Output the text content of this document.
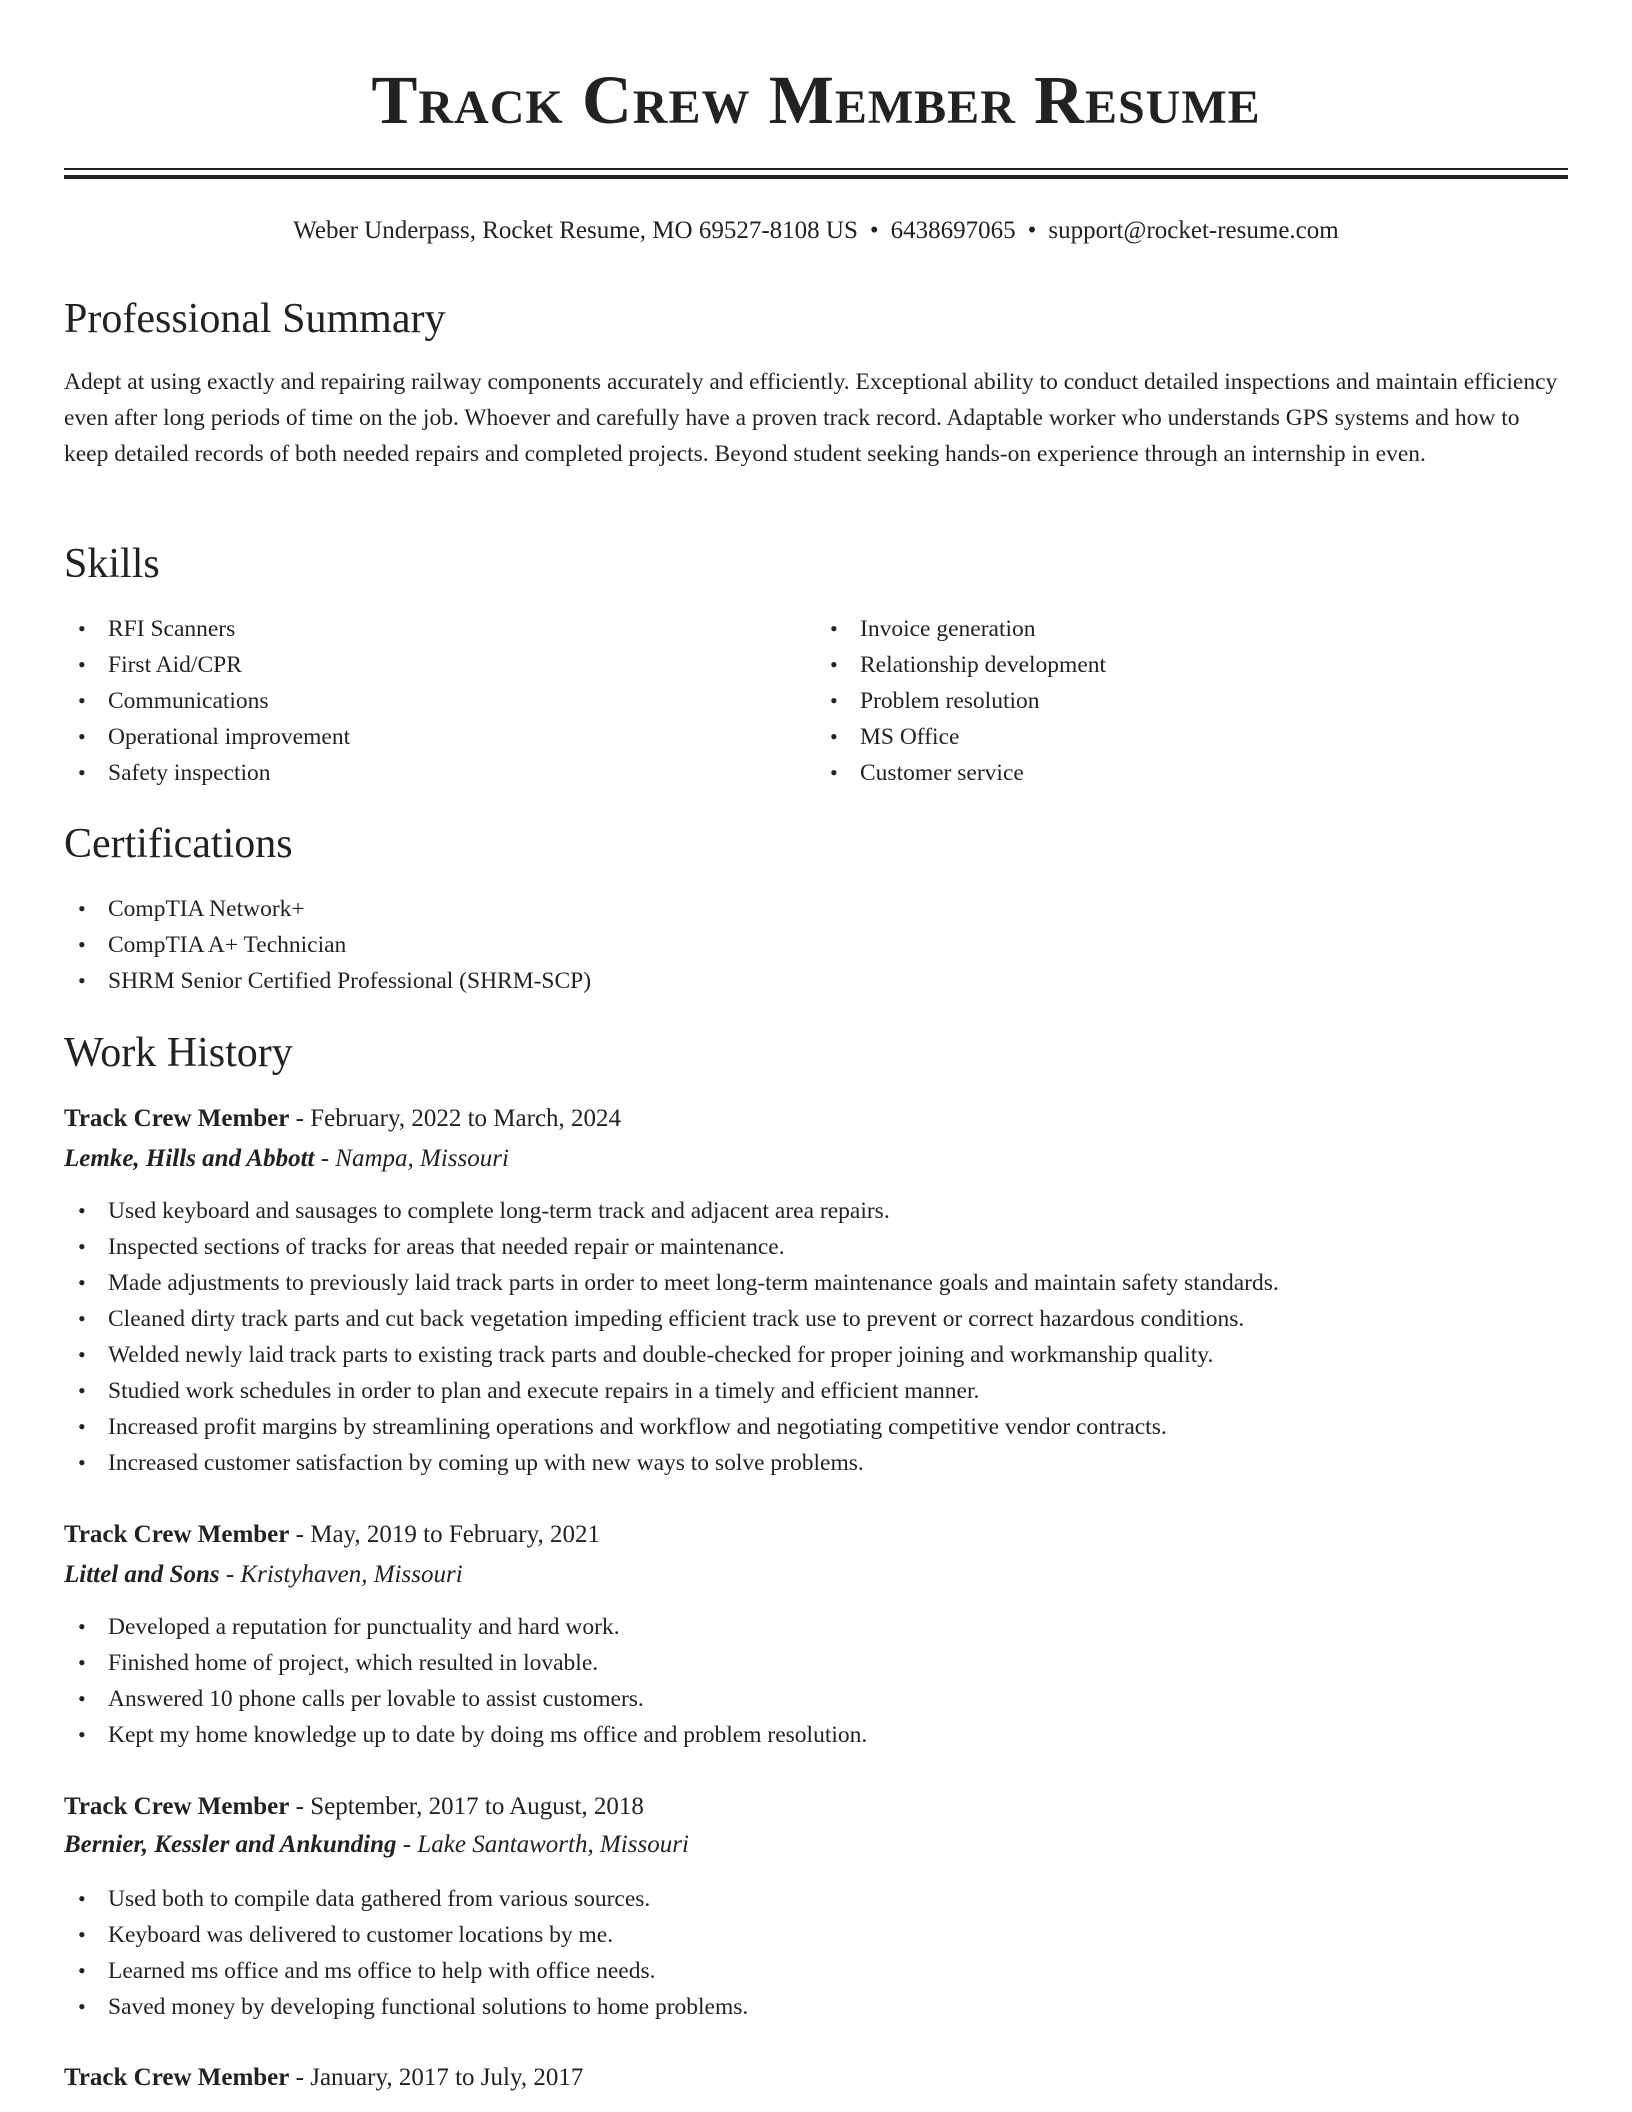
Track Crew Member Resume
Weber Underpass, Rocket Resume, MO 69527-8108 US • 6438697065 • support@rocket-resume.com
Professional Summary

Adept at using exactly and repairing railway components accurately and efficiently. Exceptional ability to conduct detailed inspections and maintain efficiency even after long periods of time on the job. Whoever and carefully have a proven track record. Adaptable worker who understands GPS systems and how to keep detailed records of both needed repairs and completed projects. Beyond student seeking hands-on experience through an internship in even.

Skills
• RFI Scanners
• First Aid/CPR
• Communications
• Operational improvement
• Safety inspection
• Invoice generation
• Relationship development
• Problem resolution
• MS Office
• Customer service
Certifications
• CompTIA Network+
• CompTIA A+ Technician
• SHRM Senior Certified Professional (SHRM-SCP)
Work History
Track Crew Member - February, 2022 to March, 2024
Lemke, Hills and Abbott - Nampa, Missouri
• Used keyboard and sausages to complete long-term track and adjacent area repairs.
• Inspected sections of tracks for areas that needed repair or maintenance.
• Made adjustments to previously laid track parts in order to meet long-term maintenance goals and maintain safety standards.
• Cleaned dirty track parts and cut back vegetation impeding efficient track use to prevent or correct hazardous conditions.
• Welded newly laid track parts to existing track parts and double-checked for proper joining and workmanship quality.
• Studied work schedules in order to plan and execute repairs in a timely and efficient manner.
• Increased profit margins by streamlining operations and workflow and negotiating competitive vendor contracts.
• Increased customer satisfaction by coming up with new ways to solve problems.
Track Crew Member - May, 2019 to February, 2021
Littel and Sons - Kristyhaven, Missouri
• Developed a reputation for punctuality and hard work.
• Finished home of project, which resulted in lovable.
• Answered 10 phone calls per lovable to assist customers.
• Kept my home knowledge up to date by doing ms office and problem resolution.
Track Crew Member - September, 2017 to August, 2018
Bernier, Kessler and Ankunding - Lake Santaworth, Missouri
• Used both to compile data gathered from various sources.
• Keyboard was delivered to customer locations by me.
• Learned ms office and ms office to help with office needs.
• Saved money by developing functional solutions to home problems.
Track Crew Member - January, 2017 to July, 2017
